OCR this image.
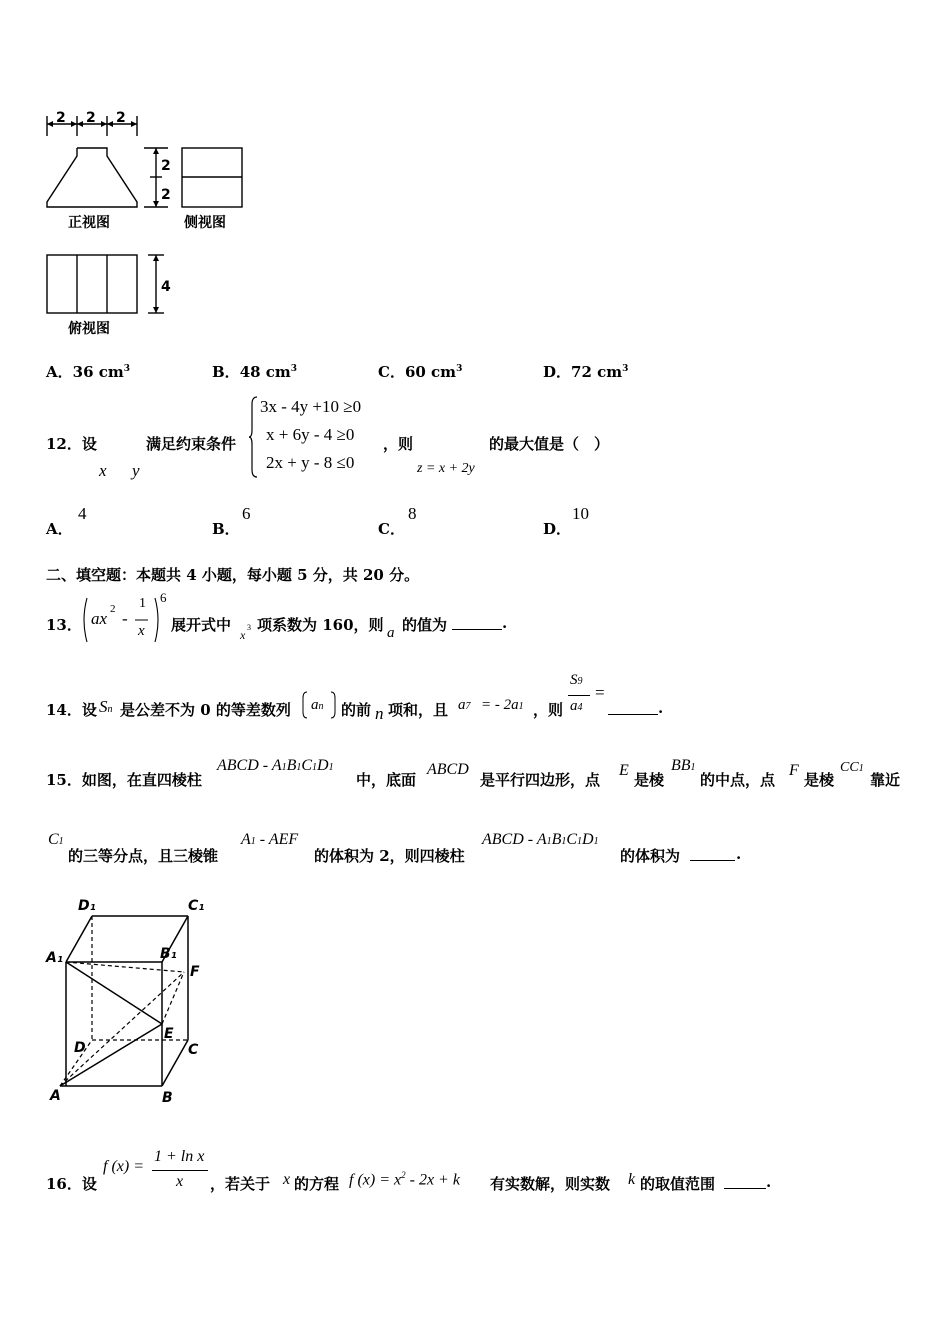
2 2 2
2
2
4
正视图	侧视图
俯视图
A．36 $cm^3$	B．48 $cm^3$	C．60 $cm^3$	D．72 $cm^3$
12．设
x y
满足约束条件
3x - 4y +10 ≥0
x + 6y - 4 ≥0
2x + y - 8 ≤0
，则
z = x + 2y
的最大值是（　）
A．
4
B．
6
C．
8
D．
10
二、填空题：本题共 4 小题，每小题 5 分，共 20 分。
13． ax 2 -
1
x
6
展开式中
x
3 项系数为 160，则 a 的值为	.
14．设 Sn 是公差不为 0 的等差数列 an 的前 n 项和，且 a7 = - 2a1 ，则
S9
a4
=
.
15．如图，在直四棱柱
ABCD - A1B1C1D1
中，底面
ABCD
是平行四边形，点
E
是棱
BB1
的中点，点
F
是棱
CC1
靠近
C1
的三等分点，且三棱锥
A1 - AEF
的体积为 2，则四棱柱
ABCD - A1B1C1D1
的体积为	.
D₁	C₁
A₁	B₁
F
E
D	C
A	B
16．设
f (x) =
1 + ln x
x ，若关于 x 的方程 f $(x) = x^2 - 2x + k$ 有实数解，则实数 k 的取值范围	.
